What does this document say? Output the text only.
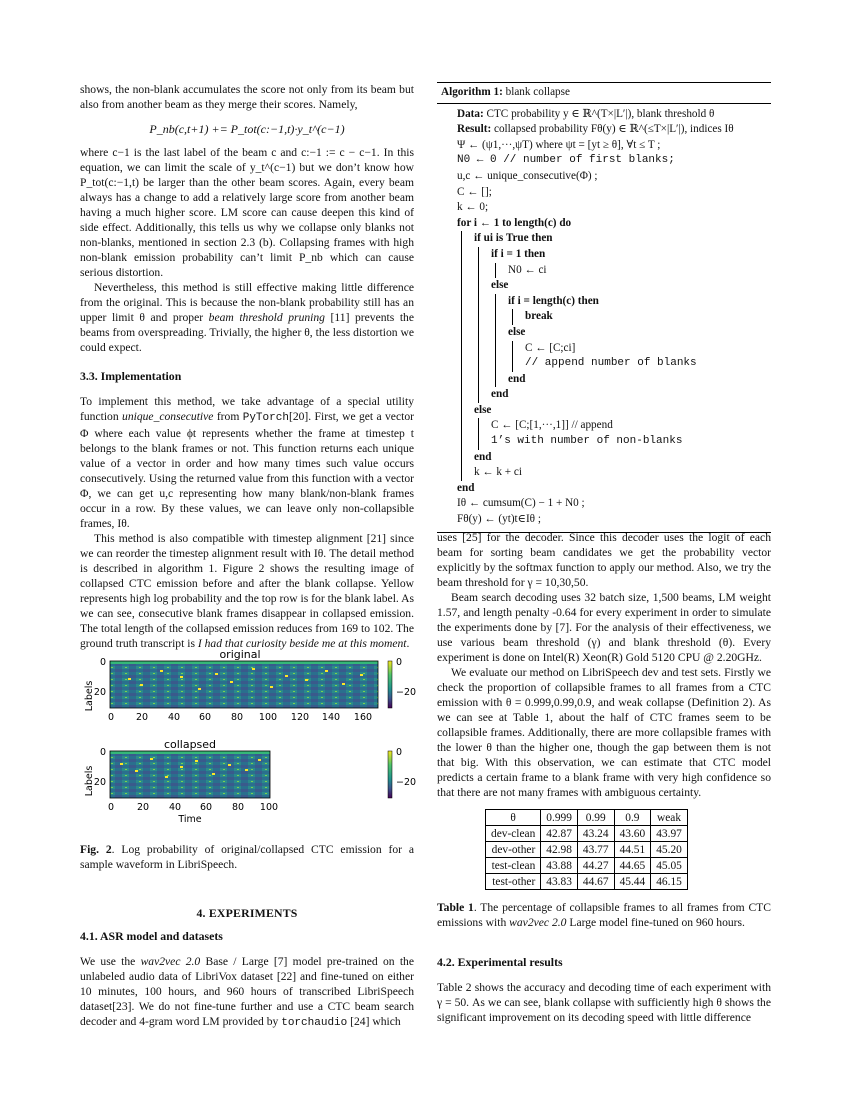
shows, the non-blank accumulates the score not only from its beam but also from another beam as they merge their scores. Namely,

P_nb(c,t+1) += P_tot(c:−1,t)·y_t^(c−1)

where c−1 is the last label of the beam c and c:−1 := c − c−1. In this equation, we can limit the scale of y_t^(c−1) but we don’t know how P_tot(c:−1,t) be larger than the other beam scores. Again, every beam always has a change to add a relatively large score from another beam having a much higher score. LM score can cause deepen this kind of side effect. Additionally, this tells us why we collapse only blanks not non-blanks, mentioned in section 2.3 (b). Collapsing frames with high non-blank emission probability can’t limit P_nb which can cause serious distortion.

Nevertheless, this method is still effective making little difference from the original. This is because the non-blank probability still has an upper limit θ and proper beam threshold pruning [11] prevents the beams from overspreading. Trivially, the higher θ, the less distortion we could expect.

3.3. Implementation

To implement this method, we take advantage of a special utility function unique_consecutive from PyTorch[20]. First, we get a vector Φ where each value ϕt represents whether the frame at timestep t belongs to the blank frames or not. This function returns each unique value of a vector in order and how many times such value occurs consecutively. Using the returned value from this function with a vector Φ, we can get u,c representing how many blank/non-blank frames occur in a row. By these values, we can leave only non-collapsible frames, Iθ.

This method is also compatible with timestep alignment [21] since we can reorder the timestep alignment result with Iθ. The detail method is described in algorithm 1. Figure 2 shows the resulting image of collapsed CTC emission before and after the blank collapse. Yellow represents high log probability and the top row is for the blank label. As we can see, consecutive blank frames disappear in collapsed emission. The total length of the collapsed emission reduces from 169 to 102. The ground truth transcript is I had that curiosity beside me at this moment.

original
Labels
0
20
0 20 40 60 80 100 120 140 160
0
−20
collapsed
Labels
0
20
0 20 40 60 80 100
Time
0
−20
Fig. 2. Log probability of original/collapsed CTC emission for a sample waveform in LibriSpeech.
4. EXPERIMENTS
4.1. ASR model and datasets

We use the wav2vec 2.0 Base / Large [7] model pre-trained on the unlabeled audio data of LibriVox dataset [22] and fine-tuned on either 10 minutes, 100 hours, and 960 hours of transcribed LibriSpeech dataset[23]. We do not fine-tune further and use a CTC beam search decoder and 4-gram word LM provided by torchaudio [24] which

Algorithm 1: blank collapse
Data: CTC probability y ∈ ℝ^(T×|L′|), blank threshold θ
Result: collapsed probability Fθ(y) ∈ ℝ^(≤T×|L′|), indices Iθ
Ψ ← (ψ1,···,ψT) where ψt = [yt ≥ θ], ∀t ≤ T ;
N0 ← 0 // number of first blanks;
u,c ← unique_consecutive(Φ) ;
C ← [];
k ← 0;
for i ← 1 to length(c) do
if ui is True then
if i = 1 then
N0 ← ci
else
if i = length(c) then
break
else
C ← [C;ci]
// append number of blanks
end
end
else
C ← [C;[1,···,1]] // append
1’s with number of non-blanks
end
k ← k + ci
end
Iθ ← cumsum(C) − 1 + N0 ;
Fθ(y) ← (yt)t∈Iθ ;

uses [25] for the decoder. Since this decoder uses the logit of each beam for sorting beam candidates we get the probability vector explicitly by the softmax function to apply our method. Also, we try the beam threshold for γ = 10,30,50.

Beam search decoding uses 32 batch size, 1,500 beams, LM weight 1.57, and length penalty -0.64 for every experiment in order to simulate the experiments done by [7]. For the analysis of their effectiveness, we use various beam threshold (γ) and blank threshold (θ). Every experiment is done on Intel(R) Xeon(R) Gold 5120 CPU @ 2.20GHz.

We evaluate our method on LibriSpeech dev and test sets. Firstly we check the proportion of collapsible frames to all frames from a CTC emission with θ = 0.999,0.99,0.9, and weak collapse (Definition 2). As we can see at Table 1, about the half of CTC frames seem to be collapsible frames. Additionally, there are more collapsible frames with the lower θ than the higher one, though the gap between them is not that big. With this observation, we can estimate that CTC model predicts a certain frame to a blank frame with very high confidence so that there are not many frames with ambiguous certainty.

θ	0.999	0.99	0.9	weak
dev-clean	42.87	43.24	43.60	43.97
dev-other	42.98	43.77	44.51	45.20
test-clean	43.88	44.27	44.65	45.05
test-other	43.83	44.67	45.44	46.15
Table 1. The percentage of collapsible frames to all frames from CTC emissions with wav2vec 2.0 Large model fine-tuned on 960 hours.
4.2. Experimental results

Table 2 shows the accuracy and decoding time of each experiment with γ = 50. As we can see, blank collapse with sufficiently high θ shows the significant improvement on its decoding speed with little difference
